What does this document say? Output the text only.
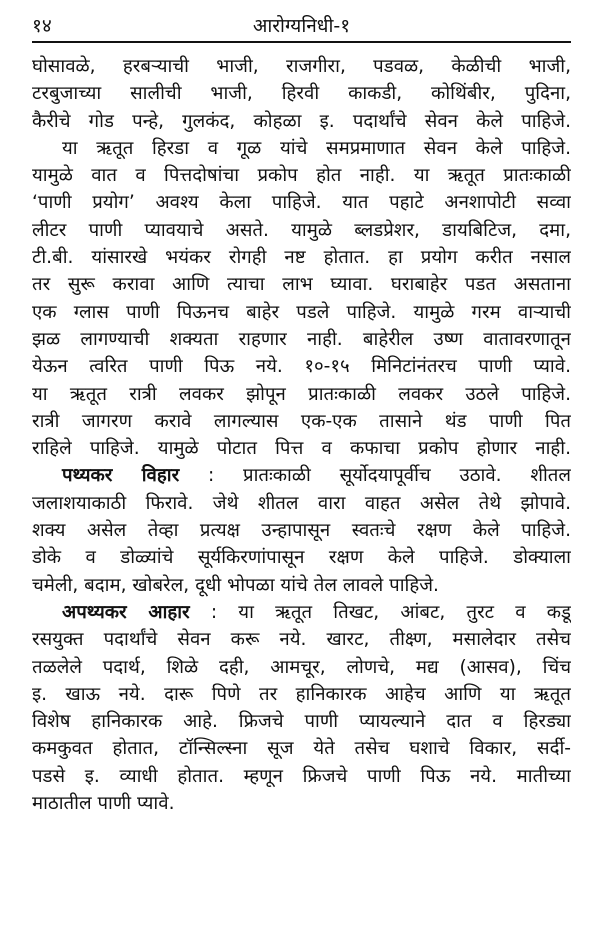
१४	आरोग्यनिधी-१
घोसावळे, हरबऱ्याची भाजी, राजगीरा, पडवळ, केळीची भाजी,
टरबुजाच्या सालीची भाजी, हिरवी काकडी, कोथिंबीर, पुदिना,
कैरीचे गोड पन्हे, गुलकंद, कोहळा इ. पदार्थांचे सेवन केले पाहिजे.
या ऋतूत हिरडा व गूळ यांचे समप्रमाणात सेवन केले पाहिजे.
यामुळे वात व पित्तदोषांचा प्रकोप होत नाही. या ऋतूत प्रातःकाळी
‘पाणी प्रयोग’ अवश्य केला पाहिजे. यात पहाटे अनशापोटी सव्वा
लीटर पाणी प्यावयाचे असते. यामुळे ब्लडप्रेशर, डायबिटिज, दमा,
टी.बी. यांसारखे भयंकर रोगही नष्ट होतात. हा प्रयोग करीत नसाल
तर सुरू करावा आणि त्याचा लाभ घ्यावा. घराबाहेर पडत असताना
एक ग्लास पाणी पिऊनच बाहेर पडले पाहिजे. यामुळे गरम वाऱ्याची
झळ लागण्याची शक्यता राहणार नाही. बाहेरील उष्ण वातावरणातून
येऊन त्वरित पाणी पिऊ नये. १०-१५ मिनिटांनंतरच पाणी प्यावे.
या ऋतूत रात्री लवकर झोपून प्रातःकाळी लवकर उठले पाहिजे.
रात्री जागरण करावे लागल्यास एक-एक तासाने थंड पाणी पित
राहिले पाहिजे. यामुळे पोटात पित्त व कफाचा प्रकोप होणार नाही.
पथ्यकर विहार : प्रातःकाळी सूर्योदयापूर्वीच उठावे. शीतल
जलाशयाकाठी फिरावे. जेथे शीतल वारा वाहत असेल तेथे झोपावे.
शक्य असेल तेव्हा प्रत्यक्ष उन्हापासून स्वतःचे रक्षण केले पाहिजे.
डोके व डोळ्यांचे सूर्यकिरणांपासून रक्षण केले पाहिजे. डोक्याला
चमेली, बदाम, खोबरेल, दूधी भोपळा यांचे तेल लावले पाहिजे.
अपथ्यकर आहार : या ऋतूत तिखट, आंबट, तुरट व कडू
रसयुक्त पदार्थांचे सेवन करू नये. खारट, तीक्ष्ण, मसालेदार तसेच
तळलेले पदार्थ, शिळे दही, आमचूर, लोणचे, मद्य (आसव), चिंच
इ. खाऊ नये. दारू पिणे तर हानिकारक आहेच आणि या ऋतूत
विशेष हानिकारक आहे. फ्रिजचे पाणी प्यायल्याने दात व हिरड्या
कमकुवत होतात, टॉन्सिल्स्ना सूज येते तसेच घशाचे विकार, सर्दी-
पडसे इ. व्याधी होतात. म्हणून फ्रिजचे पाणी पिऊ नये. मातीच्या
माठातील पाणी प्यावे.
